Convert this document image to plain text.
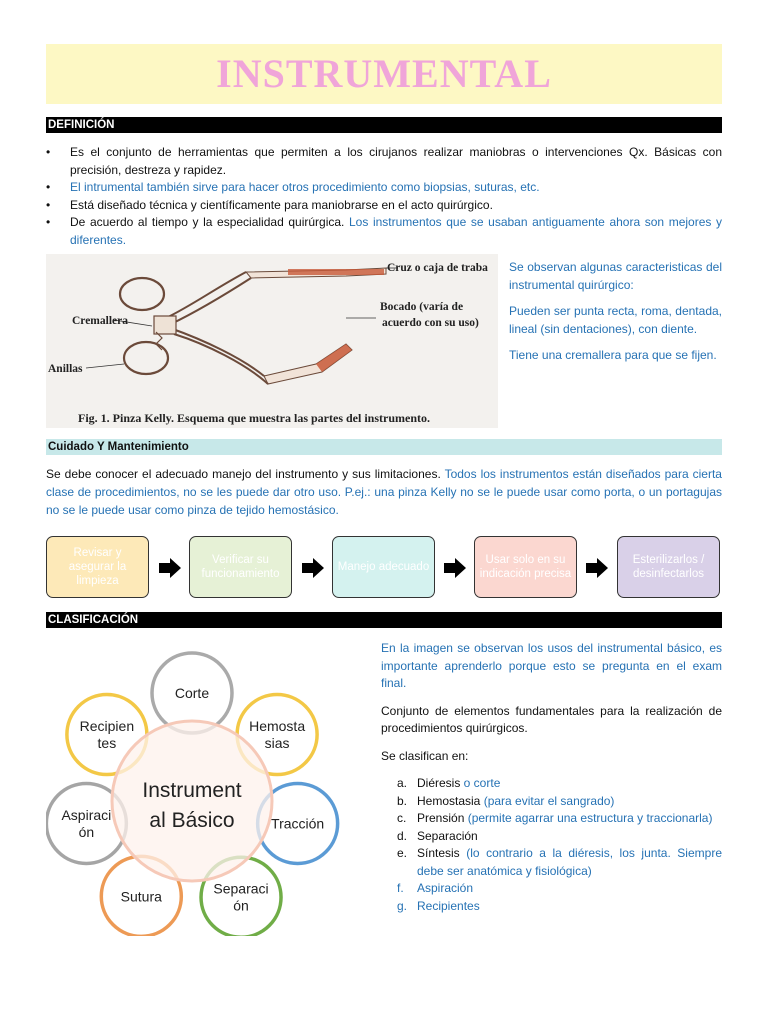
INSTRUMENTAL
DEFINICIÓN
• Es el conjunto de herramientas que permiten a los cirujanos realizar maniobras o intervenciones Qx. Básicas con precisión, destreza y rapidez.
• El intrumental también sirve para hacer otros procedimiento como biopsias, suturas, etc.
• Está diseñado técnica y científicamente para maniobrarse en el acto quirúrgico.
• De acuerdo al tiempo y la especialidad quirúrgica. Los instrumentos que se usaban antiguamente ahora son mejores y diferentes.
Cruz o caja de traba
Bocado (varía de
acuerdo con su uso)
Cremallera
Anillas
Fig. 1. Pinza Kelly. Esquema que muestra las partes del instrumento.

Se observan algunas caracteristicas del instrumental quirúrgico:

Pueden ser punta recta, roma, dentada, lineal (sin dentaciones), con diente.

Tiene una cremallera para que se fijen.

Cuidado Y Mantenimiento
Se debe conocer el adecuado manejo del instrumento y sus limitaciones. Todos los instrumentos están diseñados para cierta clase de procedimientos, no se les puede dar otro uso. P.ej.: una pinza Kelly no se le puede usar como porta, o un portagujas no se le puede usar como pinza de tejido hemostásico.
Revisar y asegurar la limpieza
Verificar su funcionamiento
Manejo adecuado
Usar solo en su indicación precisa
Esterilizarlos / desinfectarlos
CLASIFICACIÓN
Corte
Hemosta
sias
Tracción
Separaci
ón
Sutura
Aspiraci
ón
Recipien
tes
Instrument
al Básico

En la imagen se observan los usos del instrumental básico, es importante aprenderlo porque esto se pregunta en el exam final.

Conjunto de elementos fundamentales para la realización de procedimientos quirúrgicos.

Se clasifican en:

a. Diéresis o corte
b. Hemostasia (para evitar el sangrado)
c. Prensión (permite agarrar una estructura y traccionarla)
d. Separación
e. Síntesis (lo contrario a la diéresis, los junta. Siempre debe ser anatómica y fisiológica)
f. Aspiración
g. Recipientes
